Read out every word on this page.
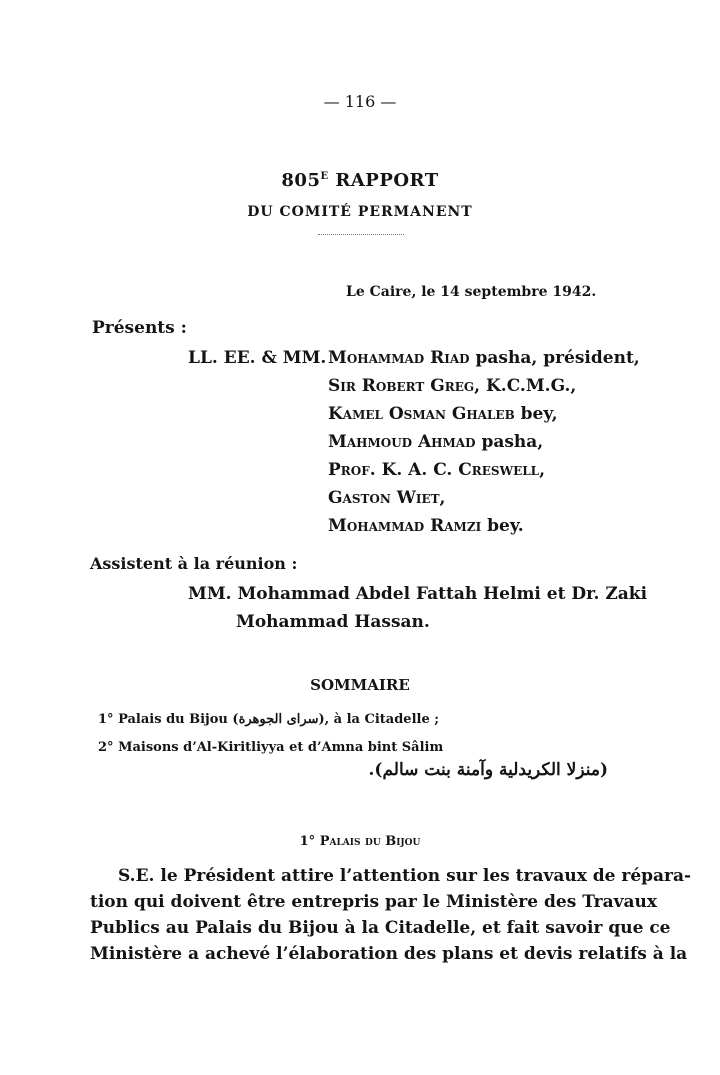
— 116 —
$805^E$ RAPPORT
DU COMITÉ PERMANENT
Le Caire, le 14 septembre 1942.
Présents :
LL. EE. & MM. Mohammad Riad pasha, président,
Sir Robert Greg, K.C.M.G.,
Kamel Osman Ghaleb bey,
Mahmoud Ahmad pasha,
Prof. K. A. C. Creswell,
Gaston Wiet,
Mohammad Ramzi bey.
Assistent à la réunion :
MM. Mohammad Abdel Fattah Helmi et Dr. Zaki
Mohammad Hassan.
SOMMAIRE
1° Palais du Bijou (سراى الجوهرة), à la Citadelle ;
2° Maisons d’Al-Kiritliyya et d’Amna bint Sâlim
(منزلا الكريدلية وآمنة بنت سالم).
1° Palais du Bijou
S.E. le Président attire l’attention sur les travaux de répara-
tion qui doivent être entrepris par le Ministère des Travaux
Publics au Palais du Bijou à la Citadelle, et fait savoir que ce
Ministère a achevé l’élaboration des plans et devis relatifs à la
